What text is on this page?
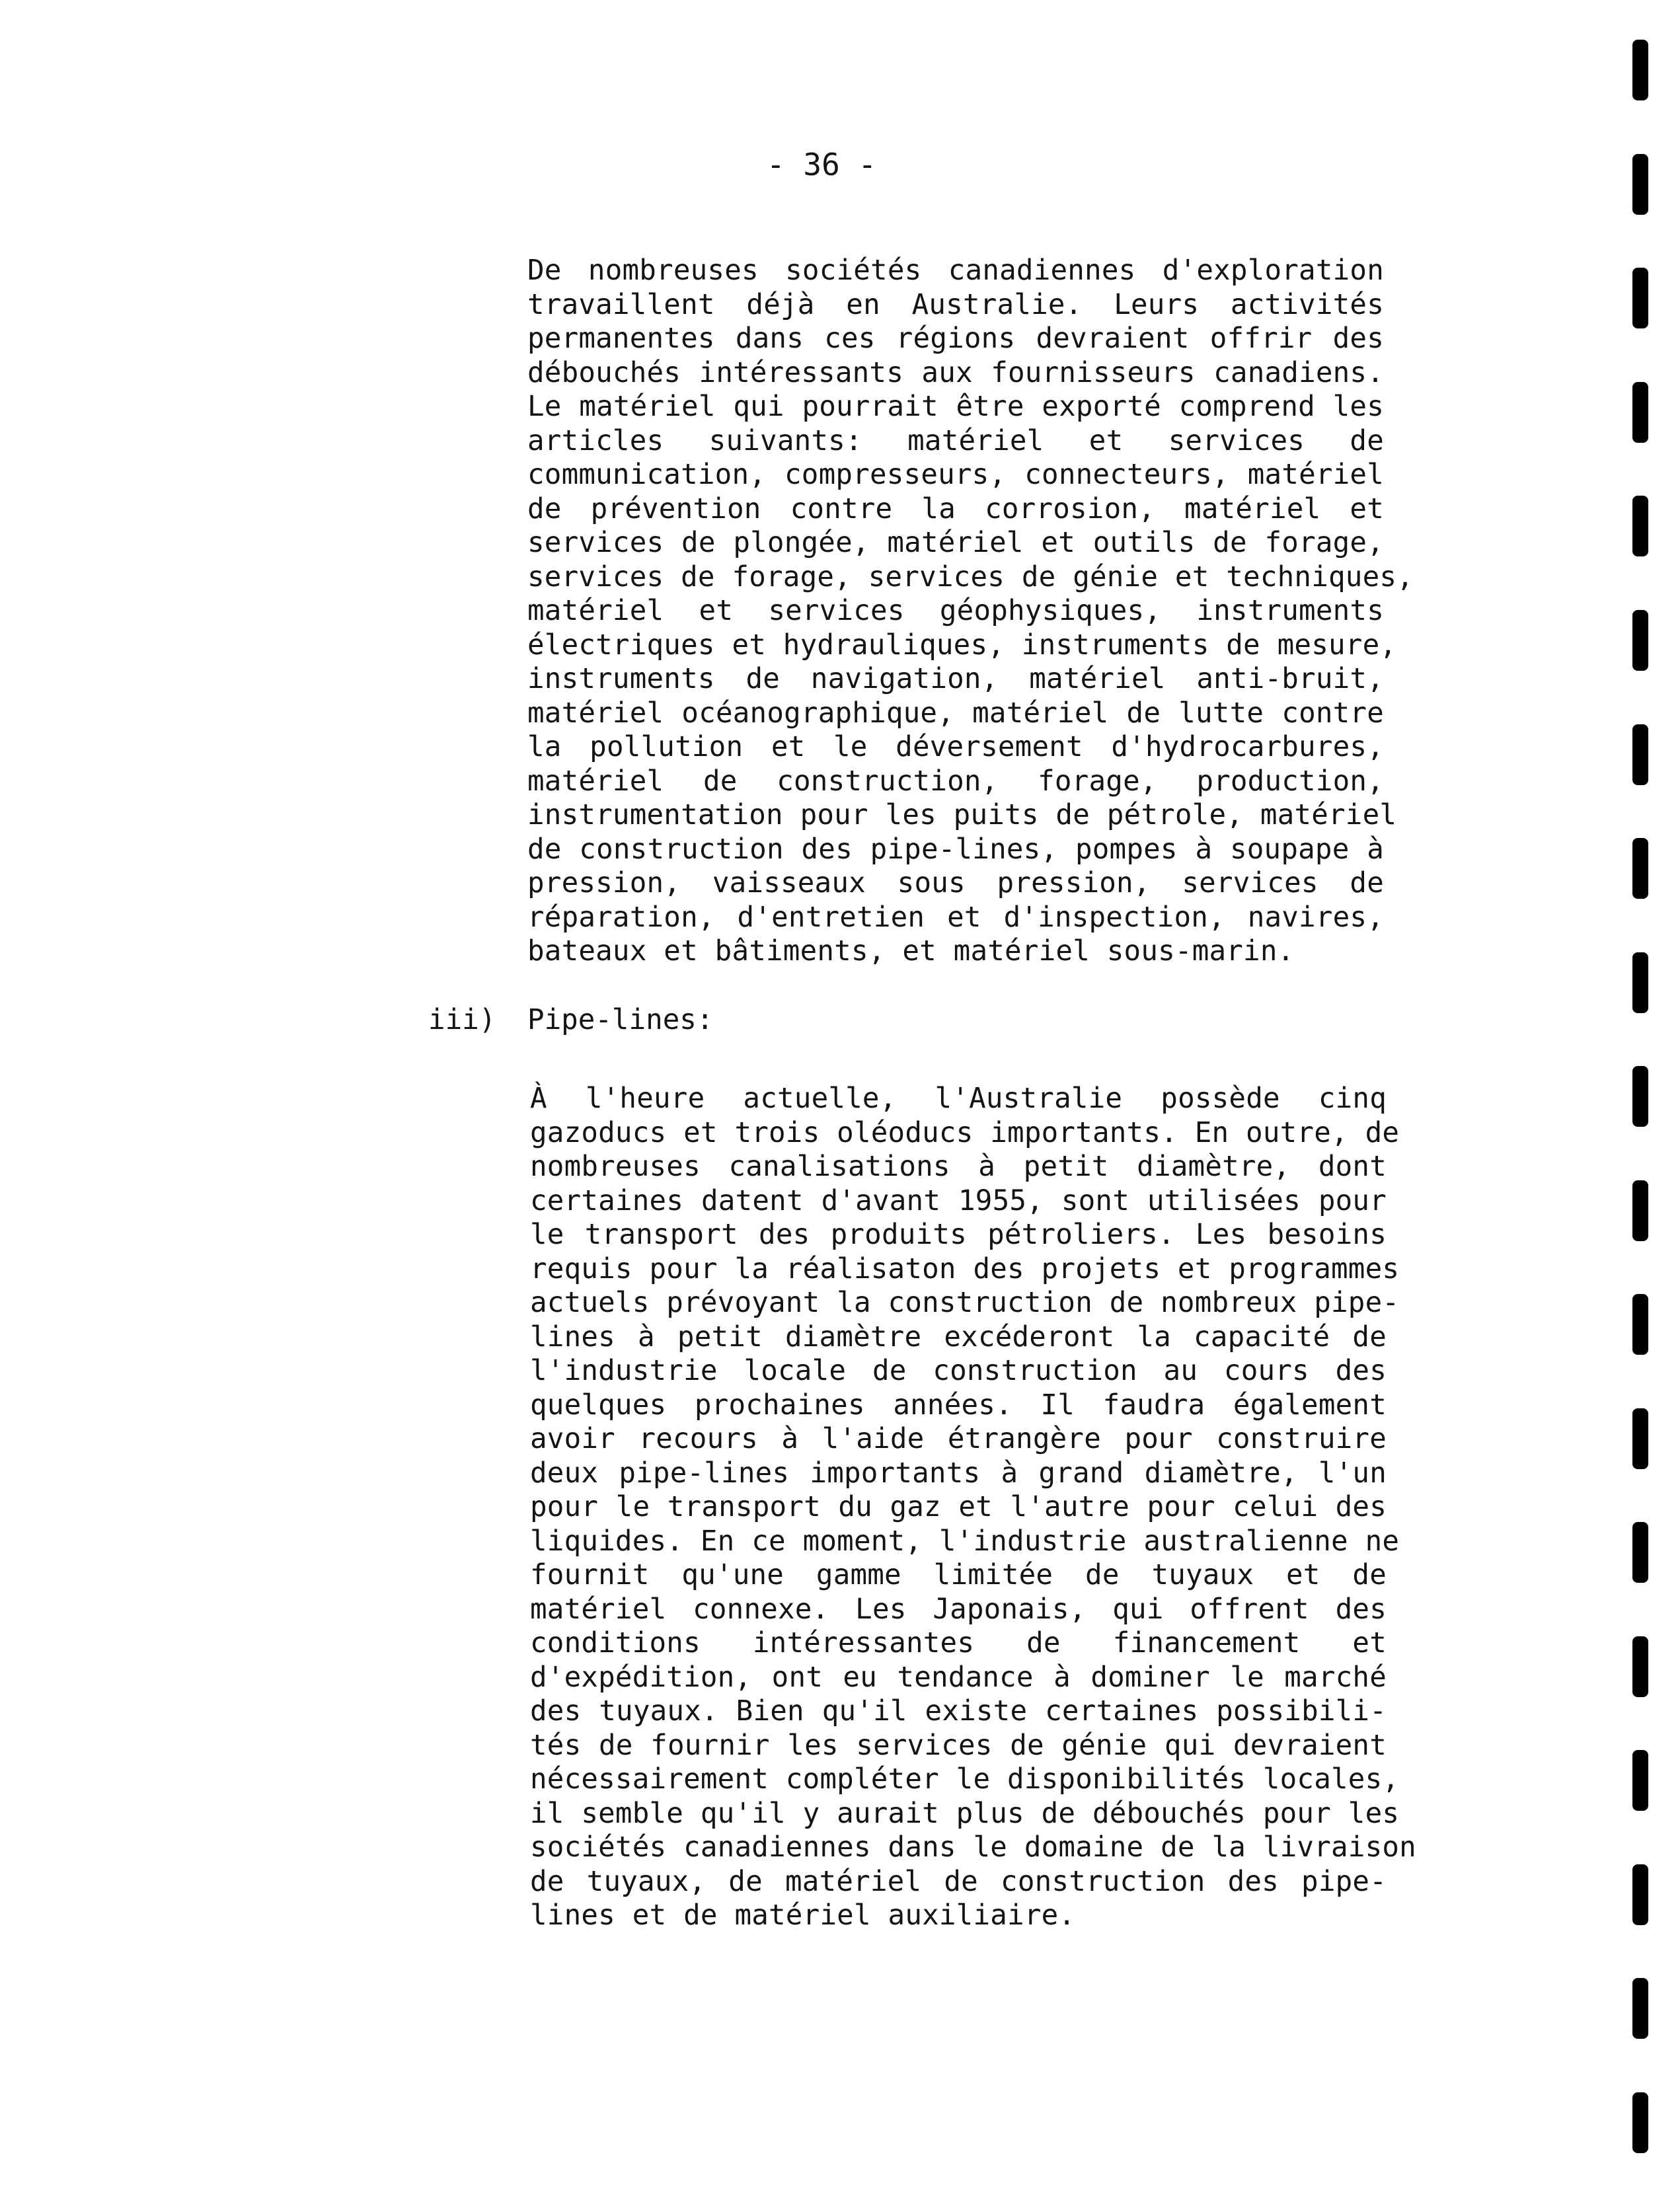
- 36 -
De nombreuses sociétés canadiennes d'exploration
travaillent déjà en Australie. Leurs activités
permanentes dans ces régions devraient offrir des
débouchés intéressants aux fournisseurs canadiens.
Le matériel qui pourrait être exporté comprend les
articles suivants: matériel et services de
communication, compresseurs, connecteurs, matériel
de prévention contre la corrosion, matériel et
services de plongée, matériel et outils de forage,
services de forage, services de génie et techniques,
matériel et services géophysiques, instruments
électriques et hydrauliques, instruments de mesure,
instruments de navigation, matériel anti-bruit,
matériel océanographique, matériel de lutte contre
la pollution et le déversement d'hydrocarbures,
matériel de construction, forage, production,
instrumentation pour les puits de pétrole, matériel
de construction des pipe-lines, pompes à soupape à
pression, vaisseaux sous pression, services de
réparation, d'entretien et d'inspection, navires,
bateaux et bâtiments, et matériel sous-marin.
iii) Pipe-lines:
À l'heure actuelle, l'Australie possède cinq
gazoducs et trois oléoducs importants. En outre, de
nombreuses canalisations à petit diamètre, dont
certaines datent d'avant 1955, sont utilisées pour
le transport des produits pétroliers. Les besoins
requis pour la réalisaton des projets et programmes
actuels prévoyant la construction de nombreux pipe-
lines à petit diamètre excéderont la capacité de
l'industrie locale de construction au cours des
quelques prochaines années. Il faudra également
avoir recours à l'aide étrangère pour construire
deux pipe-lines importants à grand diamètre, l'un
pour le transport du gaz et l'autre pour celui des
liquides. En ce moment, l'industrie australienne ne
fournit qu'une gamme limitée de tuyaux et de
matériel connexe. Les Japonais, qui offrent des
conditions intéressantes de financement et
d'expédition, ont eu tendance à dominer le marché
des tuyaux. Bien qu'il existe certaines possibili-
tés de fournir les services de génie qui devraient
nécessairement compléter le disponibilités locales,
il semble qu'il y aurait plus de débouchés pour les
sociétés canadiennes dans le domaine de la livraison
de tuyaux, de matériel de construction des pipe-
lines et de matériel auxiliaire.
